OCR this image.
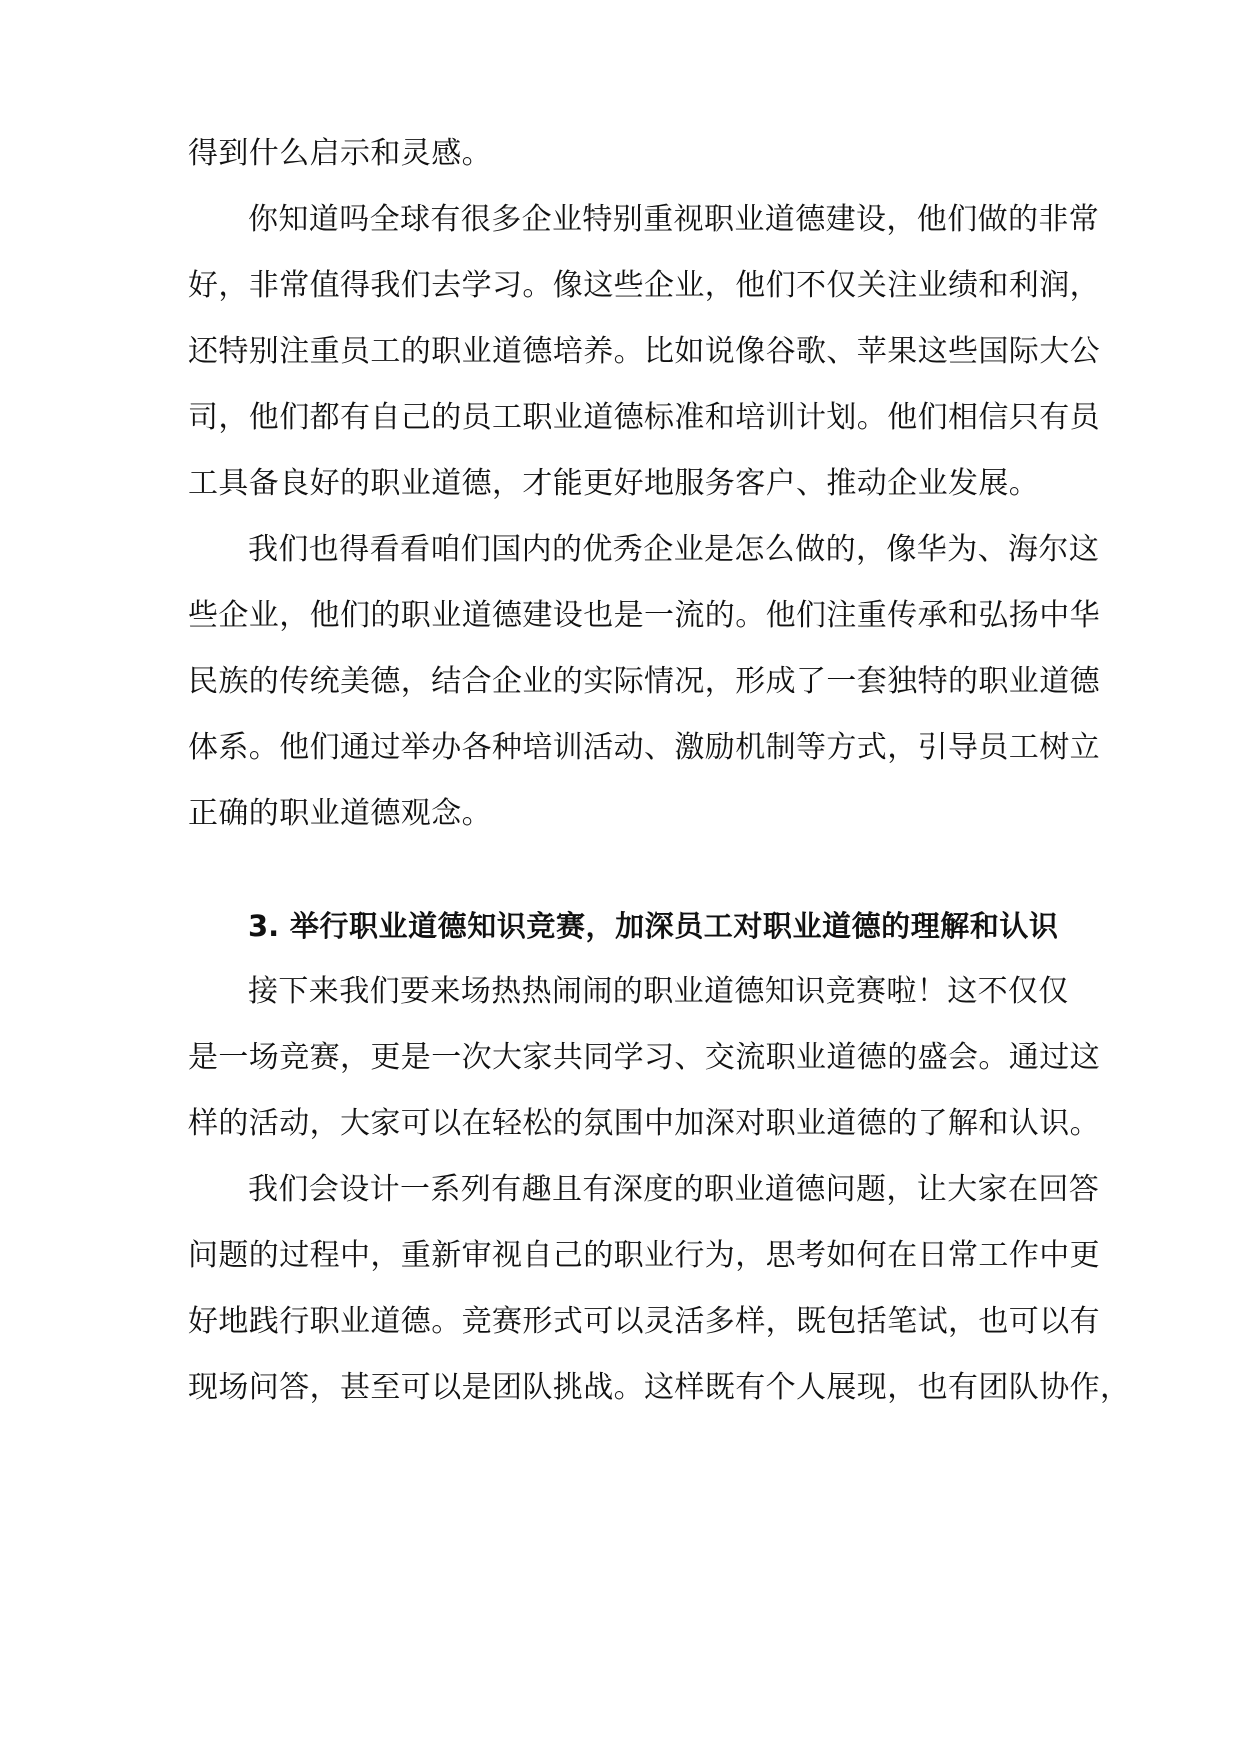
得到什么启示和灵感。
你知道吗全球有很多企业特别重视职业道德建设，他们做的非常
好，非常值得我们去学习。像这些企业，他们不仅关注业绩和利润，
还特别注重员工的职业道德培养。比如说像谷歌、苹果这些国际大公
司，他们都有自己的员工职业道德标准和培训计划。他们相信只有员
工具备良好的职业道德，才能更好地服务客户、推动企业发展。
我们也得看看咱们国内的优秀企业是怎么做的，像华为、海尔这
些企业，他们的职业道德建设也是一流的。他们注重传承和弘扬中华
民族的传统美德，结合企业的实际情况，形成了一套独特的职业道德
体系。他们通过举办各种培训活动、激励机制等方式，引导员工树立
正确的职业道德观念。
3. 举行职业道德知识竞赛，加深员工对职业道德的理解和认识
接下来我们要来场热热闹闹的职业道德知识竞赛啦！这不仅仅
是一场竞赛，更是一次大家共同学习、交流职业道德的盛会。通过这
样的活动，大家可以在轻松的氛围中加深对职业道德的了解和认识。
我们会设计一系列有趣且有深度的职业道德问题，让大家在回答
问题的过程中，重新审视自己的职业行为，思考如何在日常工作中更
好地践行职业道德。竞赛形式可以灵活多样，既包括笔试，也可以有
现场问答，甚至可以是团队挑战。这样既有个人展现，也有团队协作，
